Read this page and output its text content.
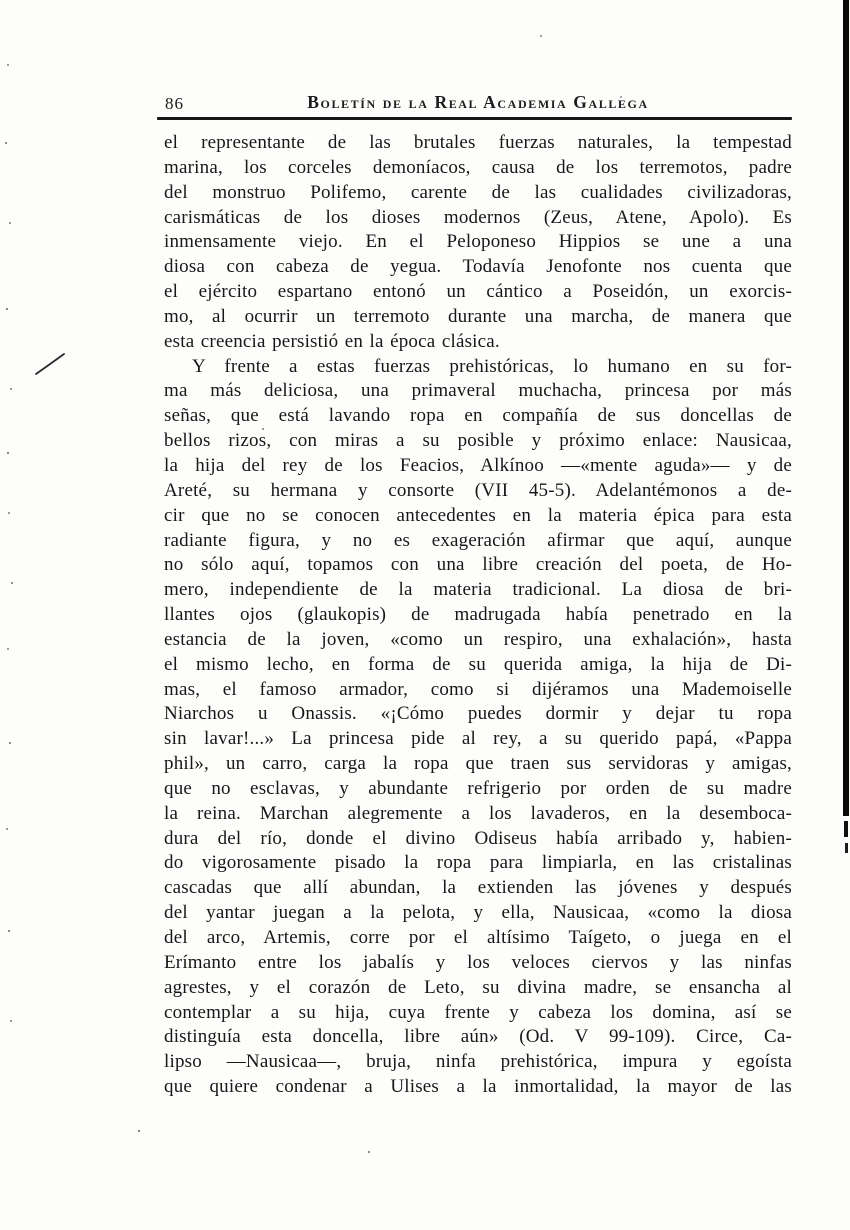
86	Boletín de la Real Academia Gallega
el representante de las brutales fuerzas naturales, la tempestad
marina, los corceles demoníacos, causa de los terremotos, padre
del monstruo Polifemo, carente de las cualidades civilizadoras,
carismáticas de los dioses modernos (Zeus, Atene, Apolo). Es
inmensamente viejo. En el Peloponeso Hippios se une a una
diosa con cabeza de yegua. Todavía Jenofonte nos cuenta que
el ejército espartano entonó un cántico a Poseidón, un exorcis-
mo, al ocurrir un terremoto durante una marcha, de manera que
esta creencia persistió en la época clásica.
Y frente a estas fuerzas prehistóricas, lo humano en su for-
ma más deliciosa, una primaveral muchacha, princesa por más
señas, que está lavando ropa en compañía de sus doncellas de
bellos rizos, con miras a su posible y próximo enlace: Nausicaa,
la hija del rey de los Feacios, Alkínoo —«mente aguda»— y de
Areté, su hermana y consorte (VII 45-5). Adelantémonos a de-
cir que no se conocen antecedentes en la materia épica para esta
radiante figura, y no es exageración afirmar que aquí, aunque
no sólo aquí, topamos con una libre creación del poeta, de Ho-
mero, independiente de la materia tradicional. La diosa de bri-
llantes ojos (glaukopis) de madrugada había penetrado en la
estancia de la joven, «como un respiro, una exhalación», hasta
el mismo lecho, en forma de su querida amiga, la hija de Di-
mas, el famoso armador, como si dijéramos una Mademoiselle
Niarchos u Onassis. «¡Cómo puedes dormir y dejar tu ropa
sin lavar!...» La princesa pide al rey, a su querido papá, «Pappa
phil», un carro, carga la ropa que traen sus servidoras y amigas,
que no esclavas, y abundante refrigerio por orden de su madre
la reina. Marchan alegremente a los lavaderos, en la desemboca-
dura del río, donde el divino Odiseus había arribado y, habien-
do vigorosamente pisado la ropa para limpiarla, en las cristalinas
cascadas que allí abundan, la extienden las jóvenes y después
del yantar juegan a la pelota, y ella, Nausicaa, «como la diosa
del arco, Artemis, corre por el altísimo Taígeto, o juega en el
Erímanto entre los jabalís y los veloces ciervos y las ninfas
agrestes, y el corazón de Leto, su divina madre, se ensancha al
contemplar a su hija, cuya frente y cabeza los domina, así se
distinguía esta doncella, libre aún» (Od. V 99-109). Circe, Ca-
lipso —Nausicaa—, bruja, ninfa prehistórica, impura y egoísta
que quiere condenar a Ulises a la inmortalidad, la mayor de las
